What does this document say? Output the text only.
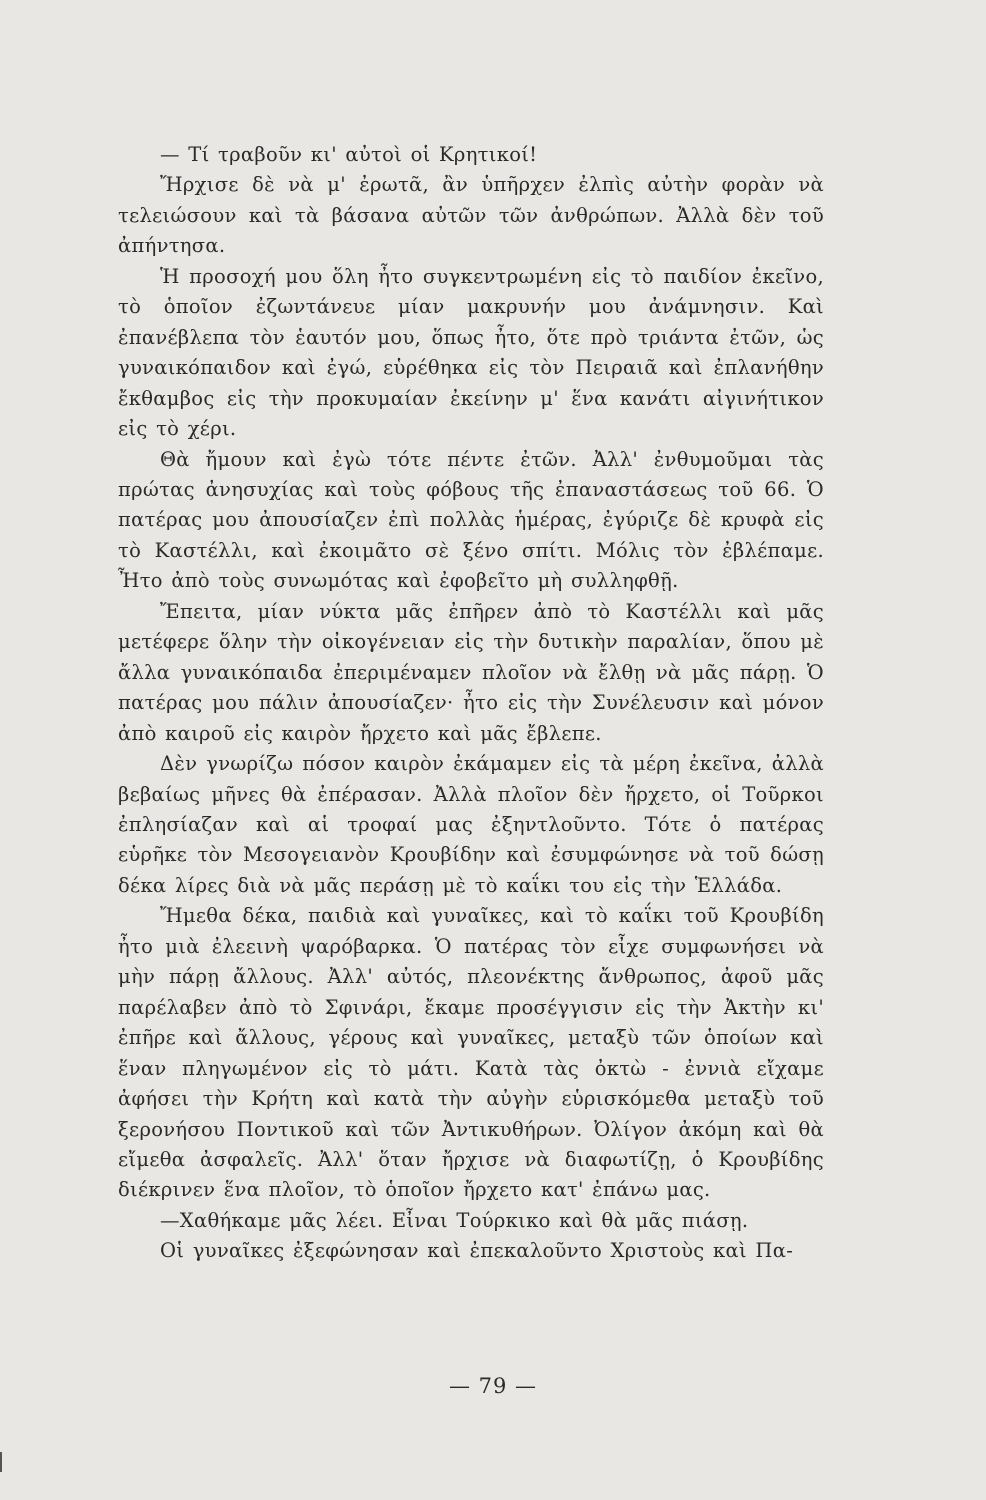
— Τί τραβοῦν κι' αὐτοὶ οἱ Κρητικοί!

Ἤρχισε δὲ νὰ μ' ἐρωτᾶ, ἂν ὑπῆρχεν ἐλπὶς αὐτὴν φορὰν νὰ τελειώσουν καὶ τὰ βάσανα αὐτῶν τῶν ἀνθρώπων. Ἀλλὰ δὲν τοῦ ἀπήντησα.

Ἡ προσοχή μου ὅλη ἦτο συγκεντρωμένη εἰς τὸ παιδίον ἐκεῖνο, τὸ ὁποῖον ἐζωντάνευε μίαν μακρυνήν μου ἀνάμνησιν. Καὶ ἐπανέβλεπα τὸν ἑαυτόν μου, ὅπως ἦτο, ὅτε πρὸ τριάντα ἐτῶν, ὡς γυναικόπαιδον καὶ ἐγώ, εὑρέθηκα εἰς τὸν Πειραιᾶ καὶ ἐπλανήθην ἔκθαμβος εἰς τὴν προκυμαίαν ἐκείνην μ' ἕνα κανάτι αἰγινήτικον εἰς τὸ χέρι.

Θὰ ἤμουν καὶ ἐγὼ τότε πέντε ἐτῶν. Ἀλλ' ἐνθυμοῦμαι τὰς πρώτας ἀνησυχίας καὶ τοὺς φόβους τῆς ἐπαναστάσεως τοῦ 66. Ὁ πατέρας μου ἀπουσίαζεν ἐπὶ πολλὰς ἡμέρας, ἐγύριζε δὲ κρυφὰ εἰς τὸ Καστέλλι, καὶ ἐκοιμᾶτο σὲ ξένο σπίτι. Μόλις τὸν ἐβλέπαμε. Ἦτο ἀπὸ τοὺς συνωμότας καὶ ἐφοβεῖτο μὴ συλληφθῇ.

Ἔπειτα, μίαν νύκτα μᾶς ἐπῆρεν ἀπὸ τὸ Καστέλλι καὶ μᾶς μετέφερε ὅλην τὴν οἰκογένειαν εἰς τὴν δυτικὴν παραλίαν, ὅπου μὲ ἄλλα γυναικόπαιδα ἐπεριμέναμεν πλοῖον νὰ ἔλθῃ νὰ μᾶς πάρῃ. Ὁ πατέρας μου πάλιν ἀπουσίαζεν· ἦτο εἰς τὴν Συνέλευσιν καὶ μόνον ἀπὸ καιροῦ εἰς καιρὸν ἤρχετο καὶ μᾶς ἔβλεπε.

Δὲν γνωρίζω πόσον καιρὸν ἐκάμαμεν εἰς τὰ μέρη ἐκεῖνα, ἀλλὰ βεβαίως μῆνες θὰ ἐπέρασαν. Ἀλλὰ πλοῖον δὲν ἤρχετο, οἱ Τοῦρκοι ἐπλησίαζαν καὶ αἱ τροφαί μας ἐξηντλοῦντο. Τότε ὁ πατέρας εὑρῆκε τὸν Μεσογειανὸν Κρουβίδην καὶ ἐσυμφώνησε νὰ τοῦ δώσῃ δέκα λίρες διὰ νὰ μᾶς περάσῃ μὲ τὸ καΐκι του εἰς τὴν Ἑλλάδα.

Ἤμεθα δέκα, παιδιὰ καὶ γυναῖκες, καὶ τὸ καΐκι τοῦ Κρουβίδη ἦτο μιὰ ἐλεεινὴ ψαρόβαρκα. Ὁ πατέρας τὸν εἶχε συμφωνήσει νὰ μὴν πάρῃ ἄλλους. Ἀλλ' αὐτός, πλεονέκτης ἄνθρωπος, ἀφοῦ μᾶς παρέλαβεν ἀπὸ τὸ Σφινάρι, ἔκαμε προσέγγισιν εἰς τὴν Ἀκτὴν κι' ἐπῆρε καὶ ἄλλους, γέρους καὶ γυναῖκες, μεταξὺ τῶν ὁποίων καὶ ἕναν πληγωμένον εἰς τὸ μάτι. Κατὰ τὰς ὀκτὼ - ἐννιὰ εἴχαμε ἀφήσει τὴν Κρήτη καὶ κατὰ τὴν αὐγὴν εὑρισκόμεθα μεταξὺ τοῦ ξερονήσου Ποντικοῦ καὶ τῶν Ἀντικυθήρων. Ὀλίγον ἀκόμη καὶ θὰ εἴμεθα ἀσφαλεῖς. Ἀλλ' ὅταν ἤρχισε νὰ διαφωτίζῃ, ὁ Κρουβίδης διέκρινεν ἕνα πλοῖον, τὸ ὁποῖον ἤρχετο κατ' ἐπάνω μας.

—Χαθήκαμε μᾶς λέει. Εἶναι Τούρκικο καὶ θὰ μᾶς πιάσῃ.

Οἱ γυναῖκες ἐξεφώνησαν καὶ ἐπεκαλοῦντο Χριστοὺς καὶ Πα-

— 79 —
